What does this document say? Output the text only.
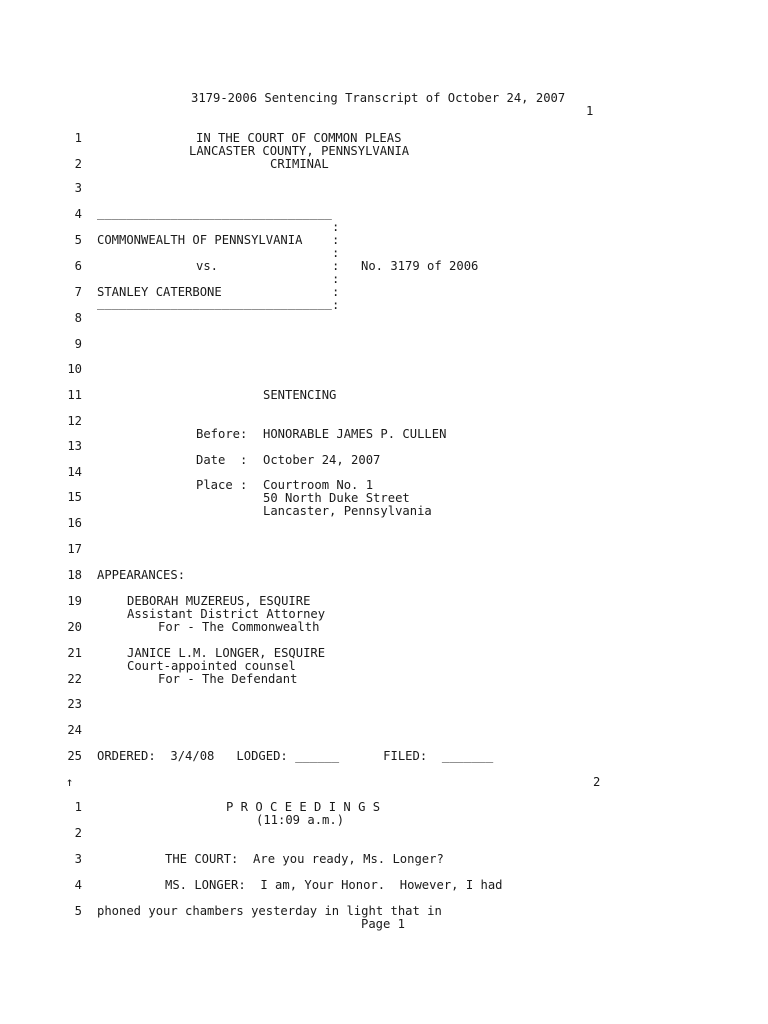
3179-2006 Sentencing Transcript of October 24, 2007
1
1
2
3
4
5
6
7
8
9
10
11
12
13
14
15
16
17
18
19
20
21
22
23
24
25
IN THE COURT OF COMMON PLEAS
LANCASTER COUNTY, PENNSYLVANIA
CRIMINAL
________________________________
:
:
:
:
:
:
:
COMMONWEALTH OF PENNSYLVANIA
vs.	No. 3179 of 2006
STANLEY CATERBONE
________________________________
SENTENCING
Before: HONORABLE JAMES P. CULLEN
Date  : October 24, 2007
Place : Courtroom No. 1
50 North Duke Street
Lancaster, Pennsylvania
APPEARANCES:
DEBORAH MUZEREUS, ESQUIRE
Assistant District Attorney
For - The Commonwealth
JANICE L.M. LONGER, ESQUIRE
Court-appointed counsel
For - The Defendant
ORDERED:  3/4/08   LODGED: ______      FILED:  _______
↑	2
1
2
3
4
5
P R O C E E D I N G S
(11:09 a.m.)
THE COURT:  Are you ready, Ms. Longer?
MS. LONGER:  I am, Your Honor.  However, I had
phoned your chambers yesterday in light that in
Page 1
